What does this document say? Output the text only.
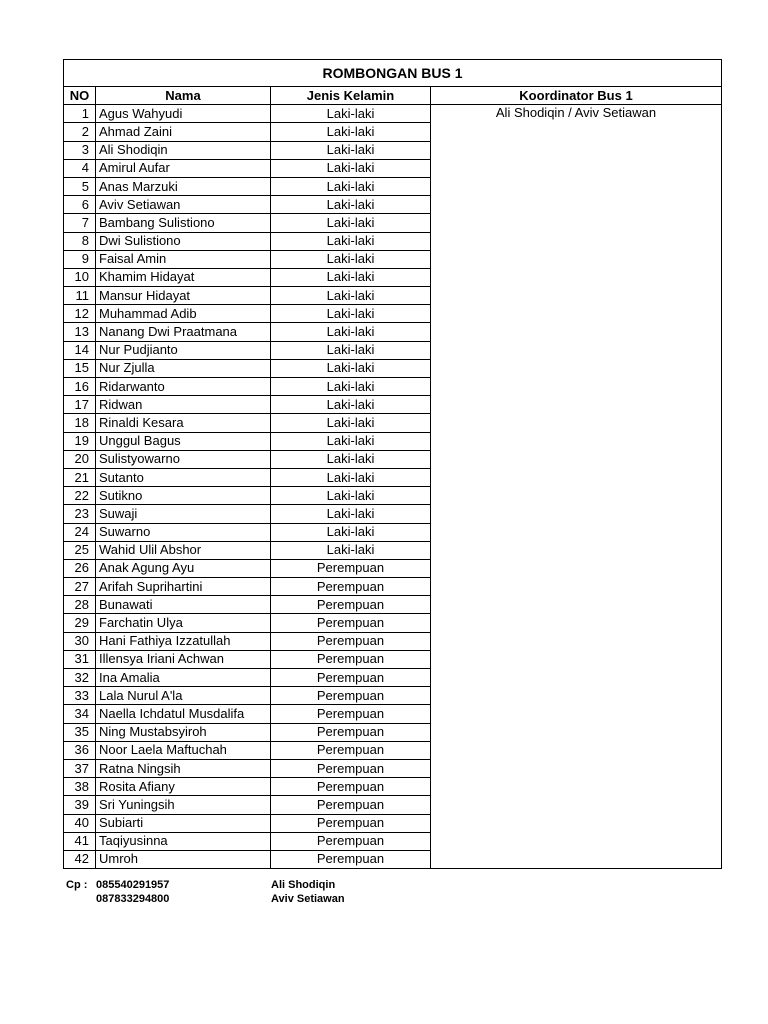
ROMBONGAN BUS 1			
NO	Nama	Jenis Kelamin	Koordinator Bus 1
1	Agus Wahyudi	Laki-laki	Ali Shodiqin / Aviv Setiawan
2	Ahmad Zaini	Laki-laki	
3	Ali Shodiqin	Laki-laki	
4	Amirul Aufar	Laki-laki	
5	Anas Marzuki	Laki-laki	
6	Aviv Setiawan	Laki-laki	
7	Bambang Sulistiono	Laki-laki	
8	Dwi Sulistiono	Laki-laki	
9	Faisal Amin	Laki-laki	
10	Khamim Hidayat	Laki-laki	
11	Mansur Hidayat	Laki-laki	
12	Muhammad Adib	Laki-laki	
13	Nanang Dwi Praatmana	Laki-laki	
14	Nur Pudjianto	Laki-laki	
15	Nur Zjulla	Laki-laki	
16	Ridarwanto	Laki-laki	
17	Ridwan	Laki-laki	
18	Rinaldi Kesara	Laki-laki	
19	Unggul Bagus	Laki-laki	
20	Sulistyowarno	Laki-laki	
21	Sutanto	Laki-laki	
22	Sutikno	Laki-laki	
23	Suwaji	Laki-laki	
24	Suwarno	Laki-laki	
25	Wahid Ulil Abshor	Laki-laki	
26	Anak Agung Ayu	Perempuan	
27	Arifah Suprihartini	Perempuan	
28	Bunawati	Perempuan	
29	Farchatin Ulya	Perempuan	
30	Hani Fathiya Izzatullah	Perempuan	
31	Illensya Iriani Achwan	Perempuan	
32	Ina Amalia	Perempuan	
33	Lala Nurul A'la	Perempuan	
34	Naella Ichdatul Musdalifa	Perempuan	
35	Ning Mustabsyiroh	Perempuan	
36	Noor Laela Maftuchah	Perempuan	
37	Ratna Ningsih	Perempuan	
38	Rosita Afiany	Perempuan	
39	Sri Yuningsih	Perempuan	
40	Subiarti	Perempuan	
41	Taqiyusinna	Perempuan	
42	Umroh	Perempuan	
Cp : 085540291957	Ali Shodiqin
087833294800	Aviv Setiawan
